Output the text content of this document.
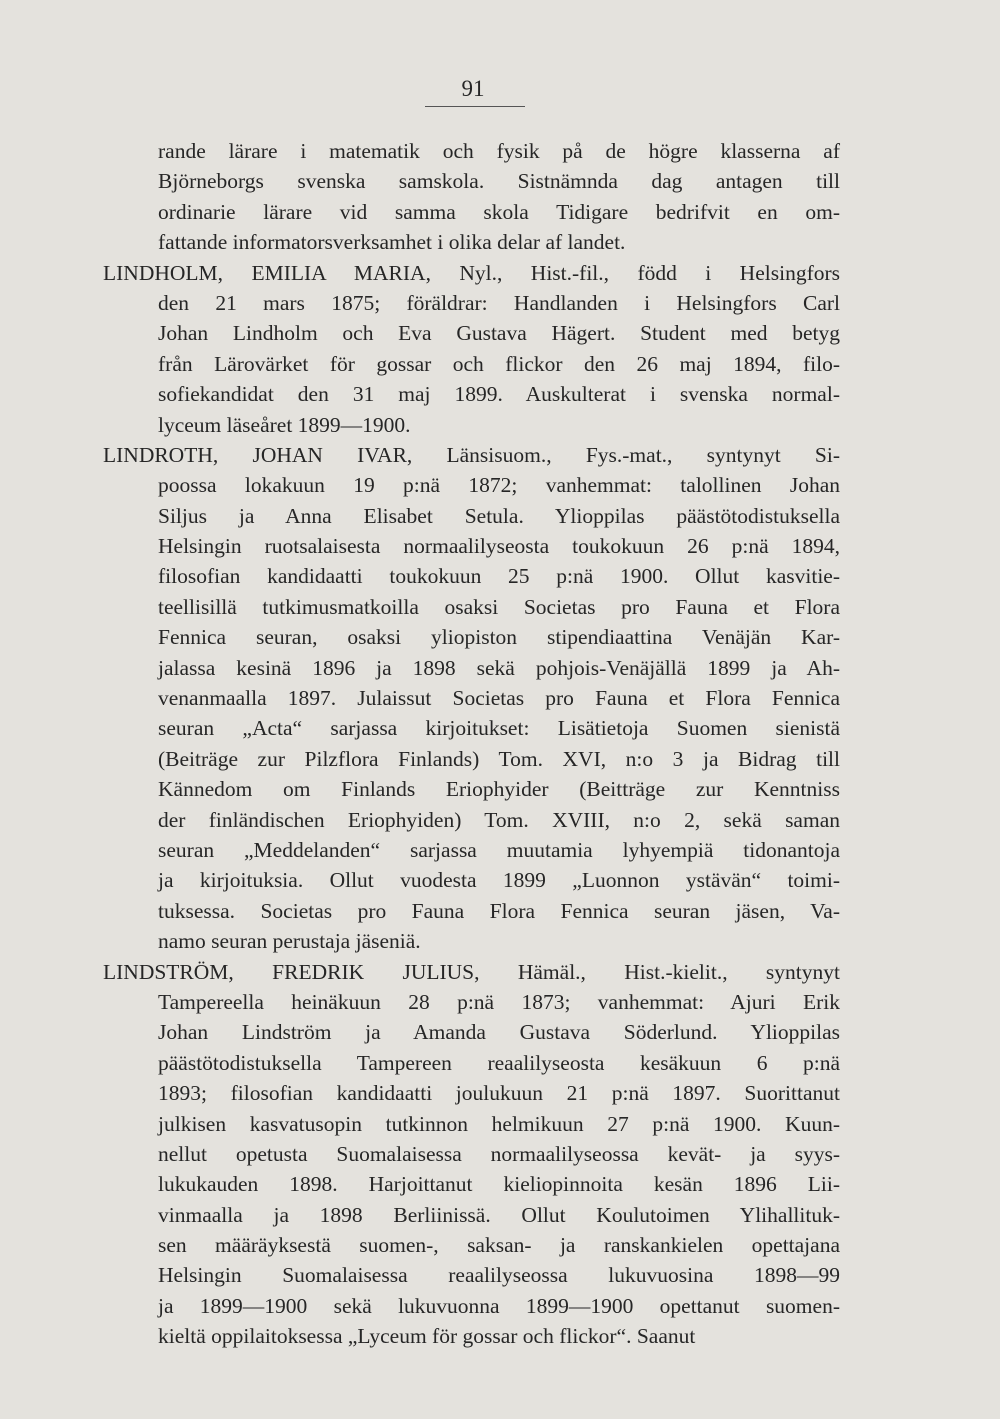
91
rande lärare i matematik och fysik på de högre klasserna af
Björneborgs svenska samskola. Sistnämnda dag antagen till
ordinarie lärare vid samma skola Tidigare bedrifvit en om-
fattande informatorsverksamhet i olika delar af landet.
LINDHOLM, EMILIA MARIA, Nyl., Hist.-fil., född i Helsingfors
den 21 mars 1875; föräldrar: Handlanden i Helsingfors Carl
Johan Lindholm och Eva Gustava Hägert. Student med betyg
från Lärovärket för gossar och flickor den 26 maj 1894, filo-
sofiekandidat den 31 maj 1899. Auskulterat i svenska normal-
lyceum läseåret 1899—1900.
LINDROTH, JOHAN IVAR, Länsisuom., Fys.-mat., syntynyt Si-
poossa lokakuun 19 p:nä 1872; vanhemmat: talollinen Johan
Siljus ja Anna Elisabet Setula. Ylioppilas päästötodistuksella
Helsingin ruotsalaisesta normaalilyseosta toukokuun 26 p:nä 1894,
filosofian kandidaatti toukokuun 25 p:nä 1900. Ollut kasvitie-
teellisillä tutkimusmatkoilla osaksi Societas pro Fauna et Flora
Fennica seuran, osaksi yliopiston stipendiaattina Venäjän Kar-
jalassa kesinä 1896 ja 1898 sekä pohjois-Venäjällä 1899 ja Ah-
venanmaalla 1897. Julaissut Societas pro Fauna et Flora Fennica
seuran „Acta“ sarjassa kirjoitukset: Lisätietoja Suomen sienistä
(Beiträge zur Pilzflora Finlands) Tom. XVI, n:o 3 ja Bidrag till
Kännedom om Finlands Eriophyider (Beitträge zur Kenntniss
der finländischen Eriophyiden) Tom. XVIII, n:o 2, sekä saman
seuran „Meddelanden“ sarjassa muutamia lyhyempiä tidonantoja
ja kirjoituksia. Ollut vuodesta 1899 „Luonnon ystävän“ toimi-
tuksessa. Societas pro Fauna Flora Fennica seuran jäsen, Va-
namo seuran perustaja jäseniä.
LINDSTRÖM, FREDRIK JULIUS, Hämäl., Hist.-kielit., syntynyt
Tampereella heinäkuun 28 p:nä 1873; vanhemmat: Ajuri Erik
Johan Lindström ja Amanda Gustava Söderlund. Ylioppilas
päästötodistuksella Tampereen reaalilyseosta kesäkuun 6 p:nä
1893; filosofian kandidaatti joulukuun 21 p:nä 1897. Suorittanut
julkisen kasvatusopin tutkinnon helmikuun 27 p:nä 1900. Kuun-
nellut opetusta Suomalaisessa normaalilyseossa kevät- ja syys-
lukukauden 1898. Harjoittanut kieliopinnoita kesän 1896 Lii-
vinmaalla ja 1898 Berliinissä. Ollut Koulutoimen Ylihallituk-
sen määräyksestä suomen-, saksan- ja ranskankielen opettajana
Helsingin Suomalaisessa reaalilyseossa lukuvuosina 1898—99
ja 1899—1900 sekä lukuvuonna 1899—1900 opettanut suomen-
kieltä oppilaitoksessa „Lyceum för gossar och flickor“. Saanut
